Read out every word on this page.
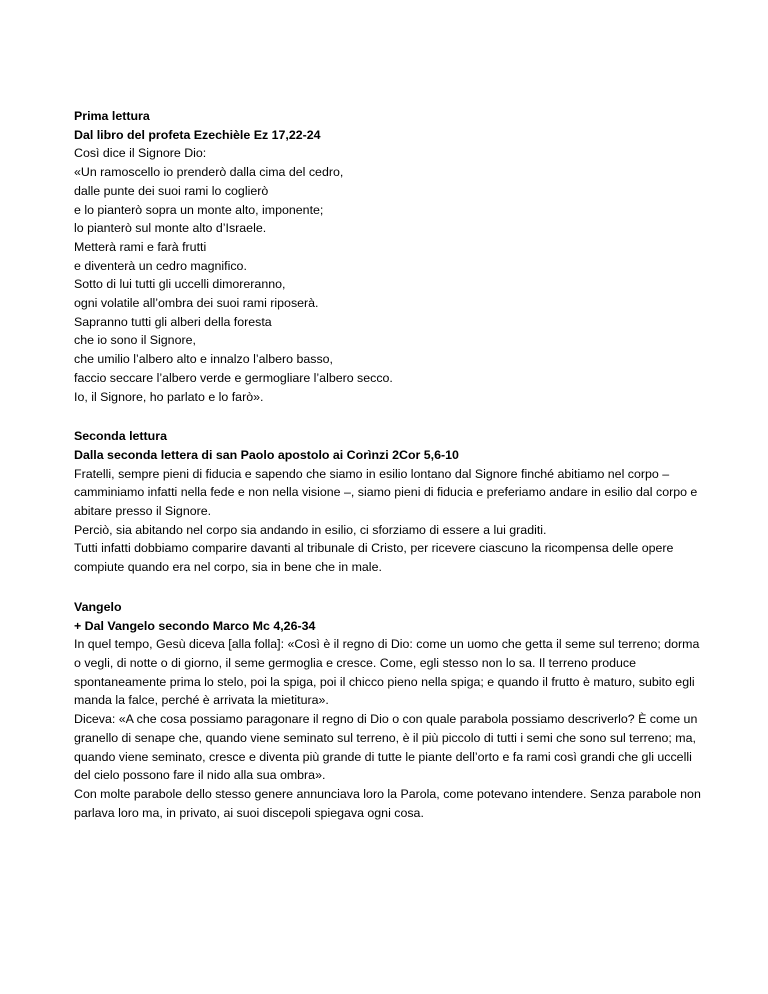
Prima lettura
Dal libro del profeta Ezechièle Ez 17,22-24
Così dice il Signore Dio:
«Un ramoscello io prenderò dalla cima del cedro,
dalle punte dei suoi rami lo coglierò
e lo pianterò sopra un monte alto, imponente;
lo pianterò sul monte alto d’Israele.
Metterà rami e farà frutti
e diventerà un cedro magnifico.
Sotto di lui tutti gli uccelli dimoreranno,
ogni volatile all’ombra dei suoi rami riposerà.
Sapranno tutti gli alberi della foresta
che io sono il Signore,
che umilio l’albero alto e innalzo l’albero basso,
faccio seccare l’albero verde e germogliare l’albero secco.
Io, il Signore, ho parlato e lo farò».
Seconda lettura
Dalla seconda lettera di san Paolo apostolo ai Corìnzi 2Cor 5,6-10
Fratelli, sempre pieni di fiducia e sapendo che siamo in esilio lontano dal Signore finché abitiamo nel corpo – camminiamo infatti nella fede e non nella visione –, siamo pieni di fiducia e preferiamo andare in esilio dal corpo e abitare presso il Signore.
Perciò, sia abitando nel corpo sia andando in esilio, ci sforziamo di essere a lui graditi.
Tutti infatti dobbiamo comparire davanti al tribunale di Cristo, per ricevere ciascuno la ricompensa delle opere compiute quando era nel corpo, sia in bene che in male.
Vangelo
+ Dal Vangelo secondo Marco Mc 4,26-34
In quel tempo, Gesù diceva [alla folla]: «Così è il regno di Dio: come un uomo che getta il seme sul terreno; dorma o vegli, di notte o di giorno, il seme germoglia e cresce. Come, egli stesso non lo sa. Il terreno produce spontaneamente prima lo stelo, poi la spiga, poi il chicco pieno nella spiga; e quando il frutto è maturo, subito egli manda la falce, perché è arrivata la mietitura».
Diceva: «A che cosa possiamo paragonare il regno di Dio o con quale parabola possiamo descriverlo? È come un granello di senape che, quando viene seminato sul terreno, è il più piccolo di tutti i semi che sono sul terreno; ma, quando viene seminato, cresce e diventa più grande di tutte le piante dell’orto e fa rami così grandi che gli uccelli del cielo possono fare il nido alla sua ombra».
Con molte parabole dello stesso genere annunciava loro la Parola, come potevano intendere. Senza parabole non parlava loro ma, in privato, ai suoi discepoli spiegava ogni cosa.
